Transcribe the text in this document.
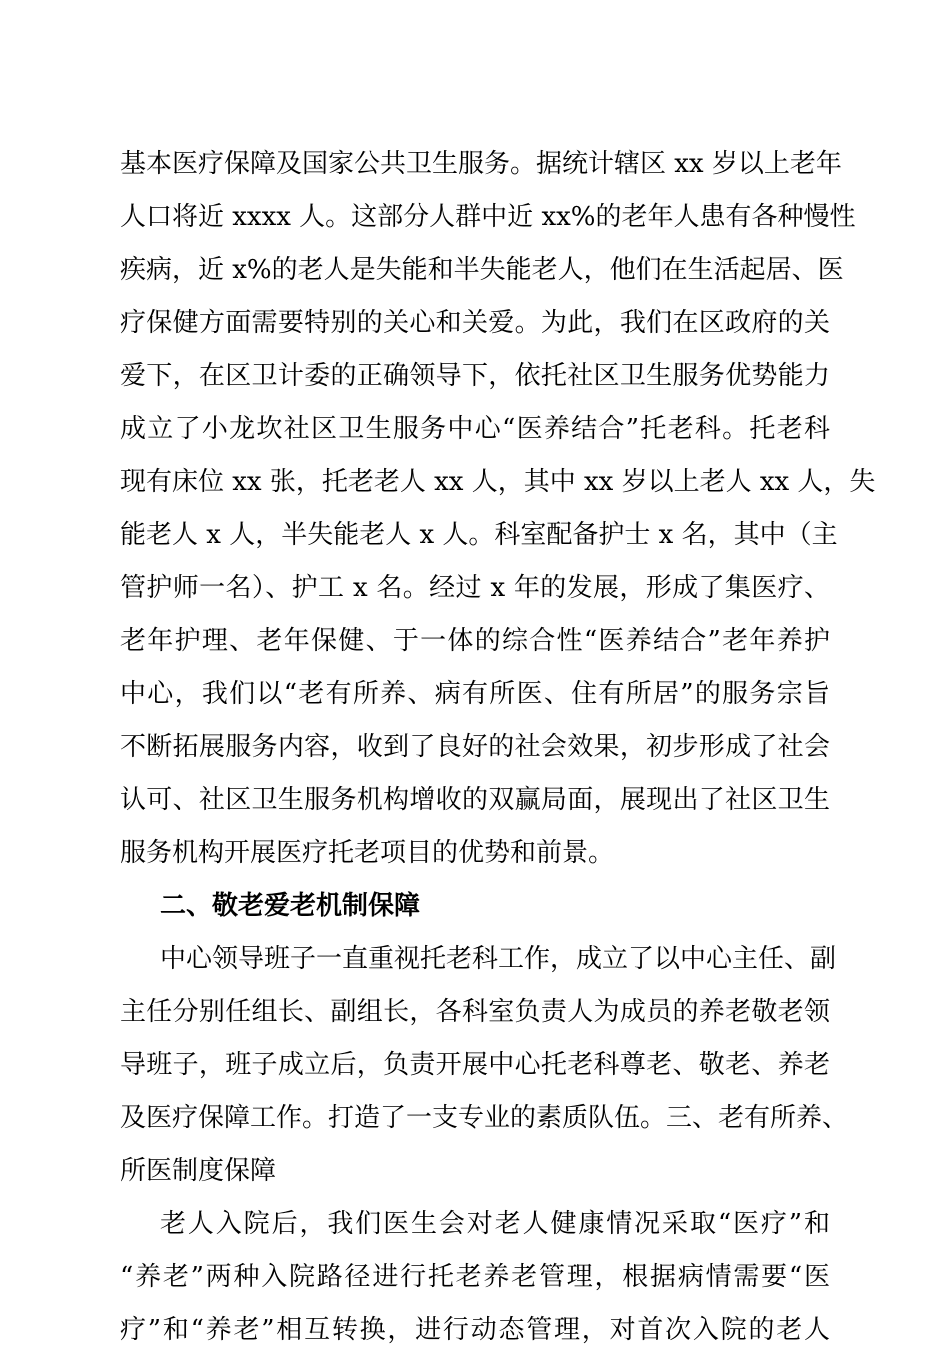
基本医疗保障及国家公共卫生服务。据统计辖区 xx 岁以上老年
人口将近 xxxx 人。这部分人群中近 xx%的老年人患有各种慢性
疾病，近 x%的老人是失能和半失能老人，他们在生活起居、医
疗保健方面需要特别的关心和关爱。为此，我们在区政府的关
爱下，在区卫计委的正确领导下，依托社区卫生服务优势能力
成立了小龙坎社区卫生服务中心“医养结合”托老科。托老科
现有床位 xx 张，托老老人 xx 人，其中 xx 岁以上老人 xx 人，失
能老人 x 人，半失能老人 x 人。科室配备护士 x 名，其中（主
管护师一名）、护工 x 名。经过 x 年的发展，形成了集医疗、
老年护理、老年保健、于一体的综合性“医养结合”老年养护
中心，我们以“老有所养、病有所医、住有所居”的服务宗旨
不断拓展服务内容，收到了良好的社会效果，初步形成了社会
认可、社区卫生服务机构增收的双赢局面，展现出了社区卫生
服务机构开展医疗托老项目的优势和前景。
二、敬老爱老机制保障
中心领导班子一直重视托老科工作，成立了以中心主任、副
主任分别任组长、副组长，各科室负责人为成员的养老敬老领
导班子，班子成立后，负责开展中心托老科尊老、敬老、养老
及医疗保障工作。打造了一支专业的素质队伍。三、老有所养、
所医制度保障
老人入院后，我们医生会对老人健康情况采取“医疗”和
“养老”两种入院路径进行托老养老管理，根据病情需要“医
疗”和“养老”相互转换，进行动态管理，对首次入院的老人
